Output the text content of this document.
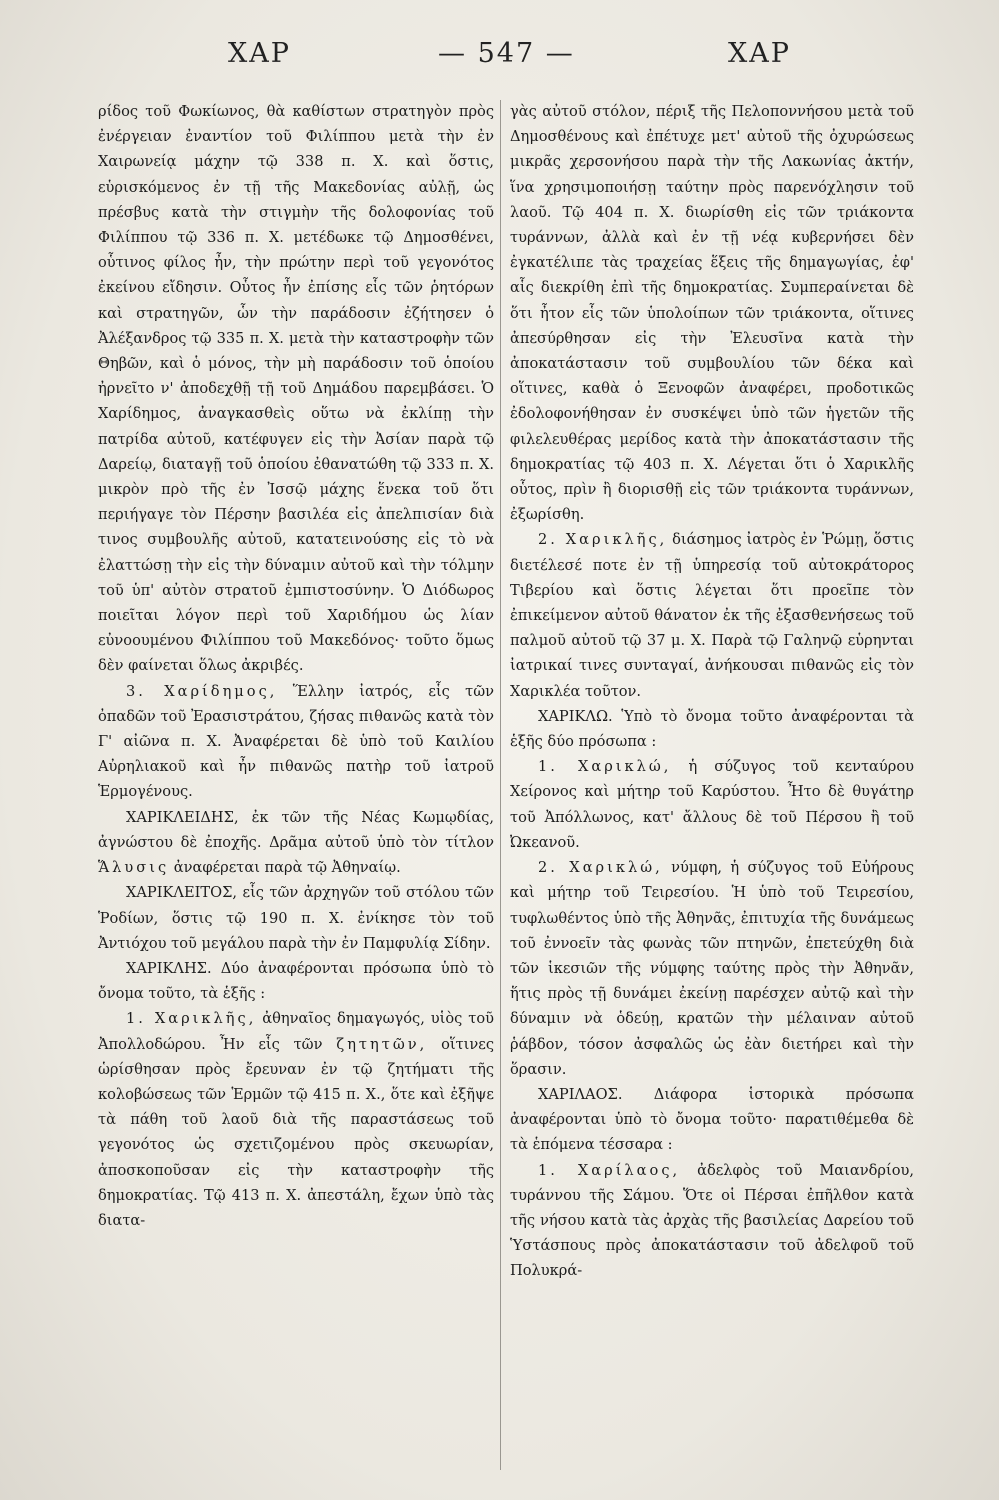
ΧΑΡ	— 547 —	ΧΑΡ

ρίδος τοῦ Φωκίωνος, θὰ καθίστων στρατηγὸν πρὸς ἐνέργειαν ἐναντίον τοῦ Φιλίππου μετὰ τὴν ἐν Χαιρωνείᾳ μάχην τῷ 338 π. Χ. καὶ ὅστις, εὑρισκόμενος ἐν τῇ τῆς Μακεδονίας αὐλῇ, ὡς πρέσβυς κατὰ τὴν στιγμὴν τῆς δολοφονίας τοῦ Φιλίππου τῷ 336 π. Χ. μετέδωκε τῷ Δημοσθένει, οὗτινος φίλος ἦν, τὴν πρώτην περὶ τοῦ γεγονότος ἐκείνου εἴδησιν. Οὗτος ἦν ἐπίσης εἷς τῶν ῥητόρων καὶ στρατηγῶν, ὧν τὴν παράδοσιν ἐζήτησεν ὁ Ἀλέξανδρος τῷ 335 π. Χ. μετὰ τὴν καταστροφὴν τῶν Θηβῶν, καὶ ὁ μόνος, τὴν μὴ παράδοσιν τοῦ ὁποίου ἠρνεῖτο ν' ἀποδεχθῇ τῇ τοῦ Δημάδου παρεμβάσει. Ὁ Χαρίδημος, ἀναγκασθεὶς οὕτω νὰ ἐκλίπῃ τὴν πατρίδα αὐτοῦ, κατέφυγεν εἰς τὴν Ἀσίαν παρὰ τῷ Δαρείῳ, διαταγῇ τοῦ ὁποίου ἐθανατώθη τῷ 333 π. Χ. μικρὸν πρὸ τῆς ἐν Ἰσσῷ μάχης ἕνεκα τοῦ ὅτι περιήγαγε τὸν Πέρσην βασιλέα εἰς ἀπελπισίαν διὰ τινος συμβουλῆς αὐτοῦ, κατατεινούσης εἰς τὸ νὰ ἐλαττώσῃ τὴν εἰς τὴν δύναμιν αὐτοῦ καὶ τὴν τόλμην τοῦ ὑπ' αὐτὸν στρατοῦ ἐμπιστοσύνην. Ὁ Διόδωρος ποιεῖται λόγον περὶ τοῦ Χαριδήμου ὡς λίαν εὐνοουμένου Φιλίππου τοῦ Μακεδόνος· τοῦτο ὅμως δὲν φαίνεται ὅλως ἀκριβές.

3. Χαρίδημος, Ἕλλην ἰατρός, εἷς τῶν ὀπαδῶν τοῦ Ἐρασιστράτου, ζήσας πιθανῶς κατὰ τὸν Γ' αἰῶνα π. Χ. Ἀναφέρεται δὲ ὑπὸ τοῦ Καιλίου Αὐρηλιακοῦ καὶ ἦν πιθανῶς πατὴρ τοῦ ἰατροῦ Ἑρμογένους.

ΧΑΡΙΚΛΕΙΔΗΣ, ἐκ τῶν τῆς Νέας Κωμῳδίας, ἀγνώστου δὲ ἐποχῆς. Δρᾶμα αὐτοῦ ὑπὸ τὸν τίτλον Ἅλυσις ἀναφέρεται παρὰ τῷ Ἀθηναίῳ.

ΧΑΡΙΚΛΕΙΤΟΣ, εἷς τῶν ἀρχηγῶν τοῦ στόλου τῶν Ῥοδίων, ὅστις τῷ 190 π. Χ. ἐνίκησε τὸν τοῦ Ἀντιόχου τοῦ μεγάλου παρὰ τὴν ἐν Παμφυλίᾳ Σίδην.

ΧΑΡΙΚΛΗΣ. Δύο ἀναφέρονται πρόσωπα ὑπὸ τὸ ὄνομα τοῦτο, τὰ ἑξῆς :

1. Χαρικλῆς, ἀθηναῖος δημαγωγός, υἱὸς τοῦ Ἀπολλοδώρου. Ἦν εἷς τῶν ζητητῶν, οἵτινες ὡρίσθησαν πρὸς ἔρευναν ἐν τῷ ζητήματι τῆς κολοβώσεως τῶν Ἑρμῶν τῷ 415 π. Χ., ὅτε καὶ ἐξῆψε τὰ πάθη τοῦ λαοῦ διὰ τῆς παραστάσεως τοῦ γεγονότος ὡς σχετιζομένου πρὸς σκευωρίαν, ἀποσκοποῦσαν εἰς τὴν καταστροφὴν τῆς δημοκρατίας. Τῷ 413 π. Χ. ἀπεστάλη, ἔχων ὑπὸ τὰς διατα-

γὰς αὐτοῦ στόλον, πέριξ τῆς Πελοποννήσου μετὰ τοῦ Δημοσθένους καὶ ἐπέτυχε μετ' αὐτοῦ τῆς ὀχυρώσεως μικρᾶς χερσονήσου παρὰ τὴν τῆς Λακωνίας ἀκτήν, ἵνα χρησιμοποιήσῃ ταύτην πρὸς παρενόχλησιν τοῦ λαοῦ. Τῷ 404 π. Χ. διωρίσθη εἰς τῶν τριάκοντα τυράννων, ἀλλὰ καὶ ἐν τῇ νέᾳ κυβερνήσει δὲν ἐγκατέλιπε τὰς τραχείας ἕξεις τῆς δημαγωγίας, ἐφ' αἷς διεκρίθη ἐπὶ τῆς δημοκρατίας. Συμπεραίνεται δὲ ὅτι ἦτον εἷς τῶν ὑπολοίπων τῶν τριάκοντα, οἵτινες ἀπεσύρθησαν εἰς τὴν Ἐλευσῖνα κατὰ τὴν ἀποκατάστασιν τοῦ συμβουλίου τῶν δέκα καὶ οἵτινες, καθὰ ὁ Ξενοφῶν ἀναφέρει, προδοτικῶς ἐδολοφονήθησαν ἐν συσκέψει ὑπὸ τῶν ἡγετῶν τῆς φιλελευθέρας μερίδος κατὰ τὴν ἀποκατάστασιν τῆς δημοκρατίας τῷ 403 π. Χ. Λέγεται ὅτι ὁ Χαρικλῆς οὗτος, πρὶν ἢ διορισθῇ εἰς τῶν τριάκοντα τυράννων, ἐξωρίσθη.

2. Χαρικλῆς, διάσημος ἰατρὸς ἐν Ῥώμῃ, ὅστις διετέλεσέ ποτε ἐν τῇ ὑπηρεσίᾳ τοῦ αὐτοκράτορος Τιβερίου καὶ ὅστις λέγεται ὅτι προεῖπε τὸν ἐπικείμενον αὐτοῦ θάνατον ἐκ τῆς ἐξασθενήσεως τοῦ παλμοῦ αὐτοῦ τῷ 37 μ. Χ. Παρὰ τῷ Γαληνῷ εὑρηνται ἰατρικαί τινες συνταγαί, ἀνήκουσαι πιθανῶς εἰς τὸν Χαρικλέα τοῦτον.

ΧΑΡΙΚΛΩ. Ὑπὸ τὸ ὄνομα τοῦτο ἀναφέρονται τὰ ἑξῆς δύο πρόσωπα :

1. Χαρικλώ, ἡ σύζυγος τοῦ κενταύρου Χείρονος καὶ μήτηρ τοῦ Καρύστου. Ἦτο δὲ θυγάτηρ τοῦ Ἀπόλλωνος, κατ' ἄλλους δὲ τοῦ Πέρσου ἢ τοῦ Ὠκεανοῦ.

2. Χαρικλώ, νύμφη, ἡ σύζυγος τοῦ Εὐήρους καὶ μήτηρ τοῦ Τειρεσίου. Ἡ ὑπὸ τοῦ Τειρεσίου, τυφλωθέντος ὑπὸ τῆς Ἀθηνᾶς, ἐπιτυχία τῆς δυνάμεως τοῦ ἐννοεῖν τὰς φωνὰς τῶν πτηνῶν, ἐπετεύχθη διὰ τῶν ἱκεσιῶν τῆς νύμφης ταύτης πρὸς τὴν Ἀθηνᾶν, ἥτις πρὸς τῇ δυνάμει ἐκείνῃ παρέσχεν αὐτῷ καὶ τὴν δύναμιν νὰ ὁδεύῃ, κρατῶν τὴν μέλαιναν αὐτοῦ ῥάβδον, τόσον ἀσφαλῶς ὡς ἐὰν διετήρει καὶ τὴν ὅρασιν.

ΧΑΡΙΛΑΟΣ. Διάφορα ἱστορικὰ πρόσωπα ἀναφέρονται ὑπὸ τὸ ὄνομα τοῦτο· παρατιθέμεθα δὲ τὰ ἑπόμενα τέσσαρα :

1. Χαρίλαος, ἀδελφὸς τοῦ Μαιανδρίου, τυράννου τῆς Σάμου. Ὅτε οἱ Πέρσαι ἐπῆλθον κατὰ τῆς νήσου κατὰ τὰς ἀρχὰς τῆς βασιλείας Δαρείου τοῦ Ὑστάσπους πρὸς ἀποκατάστασιν τοῦ ἀδελφοῦ τοῦ Πολυκρά-
